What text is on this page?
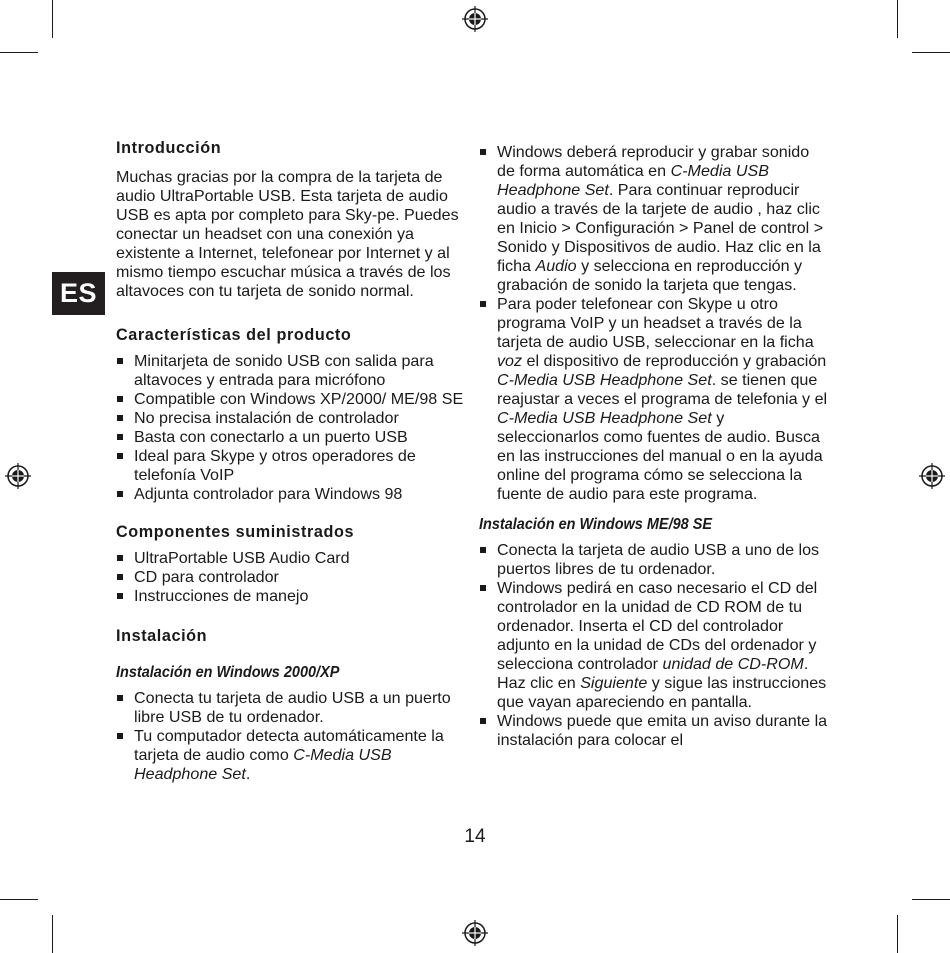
ES
Introducción

Muchas gracias por la compra de la tarjeta de audio UltraPortable USB. Esta tarjeta de audio USB es apta por completo para Sky-pe. Puedes conectar un headset con una conexión ya existente a Internet, telefonear por Internet y al mismo tiempo escuchar música a través de los altavoces con tu tarjeta de sonido normal.

Características del producto
Minitarjeta de sonido USB con salida para altavoces y entrada para micrófono
Compatible con Windows XP/2000/ ME/98 SE
No precisa instalación de controlador
Basta con conectarlo a un puerto USB
Ideal para Skype y otros operadores de telefonía VoIP
Adjunta controlador para Windows 98
Componentes suministrados
UltraPortable USB Audio Card
CD para controlador
Instrucciones de manejo
Instalación
Instalación en Windows 2000/XP
Conecta tu tarjeta de audio USB a un puerto libre USB de tu ordenador.
Tu computador detecta automáticamente la tarjeta de audio como C-Media USB Headphone Set.
Windows deberá reproducir y grabar sonido de forma automática en C-Media USB Headphone Set. Para continuar reproducir audio a través de la tarjete de audio , haz clic en Inicio > Configuración > Panel de control > Sonido y Dispositivos de audio. Haz clic en la ficha Audio y selecciona en reproducción y grabación de sonido la tarjeta que tengas.
Para poder telefonear con Skype u otro programa VoIP y un headset a través de la tarjeta de audio USB, seleccionar en la ficha voz el dispositivo de reproducción y grabación C-Media USB Headphone Set. se tienen que reajustar a veces el programa de telefonia y el C-Media USB Headphone Set y seleccionarlos como fuentes de audio. Busca en las instrucciones del manual o en la ayuda online del programa cómo se selecciona la fuente de audio para este programa.
Instalación en Windows ME/98 SE
Conecta la tarjeta de audio USB a uno de los puertos libres de tu ordenador.
Windows pedirá en caso necesario el CD del controlador en la unidad de CD ROM de tu ordenador. Inserta el CD del controlador adjunto en la unidad de CDs del ordenador y selecciona controlador unidad de CD-ROM. Haz clic en Siguiente y sigue las instrucciones que vayan apareciendo en pantalla.
Windows puede que emita un aviso durante la instalación para colocar el
14
